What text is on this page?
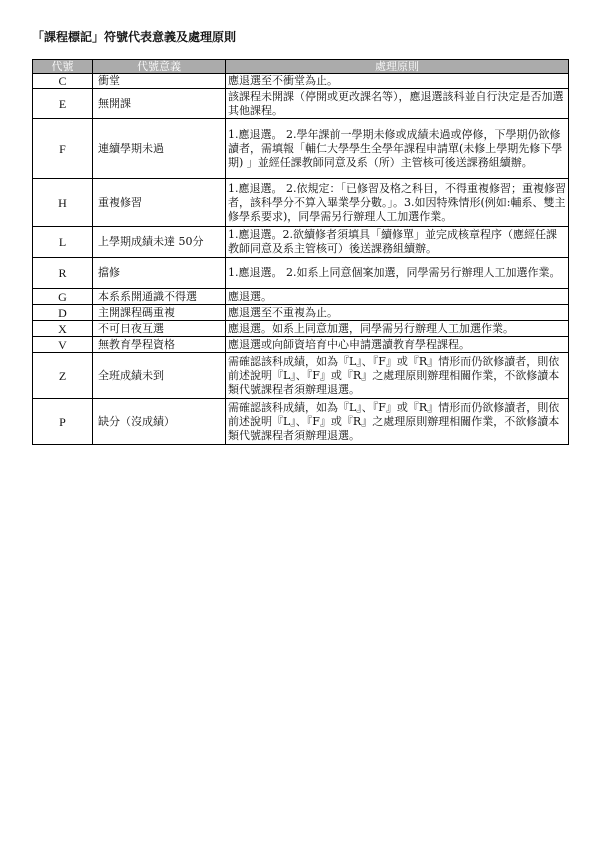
「課程標記」符號代表意義及處理原則
代號	代號意義	處理原則
C	衝堂	應退選至不衝堂為止。
E	無開課	該課程未開課（停開或更改課名等），應退選該科並自行決定是否加選其他課程。
F	連續學期未過	1.應退選。 2.學年課前一學期未修或成績未過或停修，下學期仍欲修讀者，需填報「輔仁大學學生全學年課程申請單(未修上學期先修下學期) 」並經任課教師同意及系（所）主管核可後送課務組續辦。
H	重複修習	1.應退選。 2.依規定：「已修習及格之科目，不得重複修習；重複修習者，該科學分不算入畢業學分數。」。3.如因特殊情形(例如:輔系、雙主修學系要求)，同學需另行辦理人工加選作業。
L	上學期成績未達 50分	1.應退選。2.欲續修者須填具「續修單」並完成核章程序（應經任課教師同意及系主管核可）後送課務組續辦。
R	擋修	1.應退選。 2.如系上同意個案加選，同學需另行辦理人工加選作業。
G	本系系開通識不得選	應退選。
D	主開課程碼重複	應退選至不重複為止。
X	不可日夜互選	應退選。如系上同意加選，同學需另行辦理人工加選作業。
V	無教育學程資格	應退選或向師資培育中心申請選讀教育學程課程。
Z	全班成績未到	需確認該科成績，如為『L』、『F』或『R』情形而仍欲修讀者，則依前述說明『L』、『F』或『R』之處理原則辦理相關作業，不欲修讀本類代號課程者須辦理退選。
P	缺分（沒成績）	需確認該科成績，如為『L』、『F』或『R』情形而仍欲修讀者，則依前述說明『L』、『F』或『R』之處理原則辦理相關作業，不欲修讀本類代號課程者須辦理退選。
